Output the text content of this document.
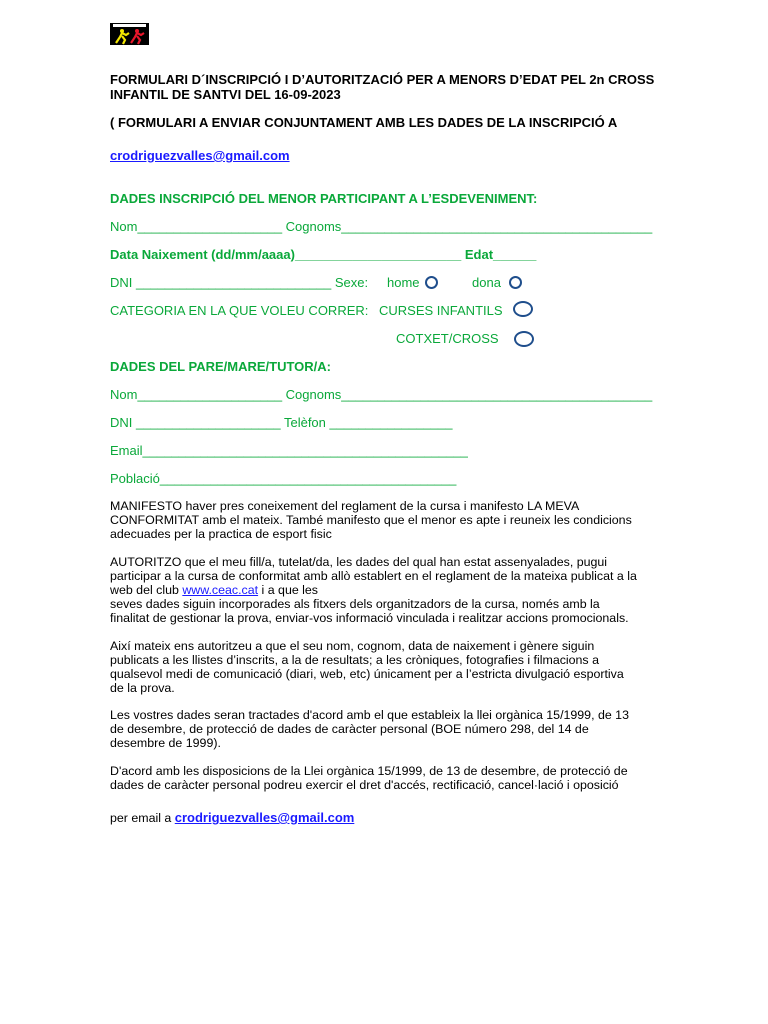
FORMULARI D´INSCRIPCIÓ I D’AUTORITZACIÓ PER A MENORS D’EDAT PEL 2n CROSS
INFANTIL DE SANTVI DEL 16-09-2023
( FORMULARI A ENVIAR CONJUNTAMENT AMB LES DADES DE LA INSCRIPCIÓ A
crodriguezvalles@gmail.com
DADES INSCRIPCIÓ DEL MENOR PARTICIPANT A L’ESDEVENIMENT:
Nom____________________ Cognoms___________________________________________
Data Naixement (dd/mm/aaaa)_______________________ Edat______
DNI ___________________________ Sexe: home	dona
CATEGORIA EN LA QUE VOLEU CORRER: CURSES INFANTILS
COTXET/CROSS
DADES DEL PARE/MARE/TUTOR/A:
Nom____________________ Cognoms___________________________________________
DNI ____________________ Telèfon _________________
Email_____________________________________________
Població_________________________________________
MANIFESTO haver pres coneixement del reglament de la cursa i manifesto LA MEVA
CONFORMITAT amb el mateix. També manifesto que el menor es apte i reuneix les condicions
adecuades per la practica de esport fisic
AUTORITZO que el meu fill/a, tutelat/da, les dades del qual han estat assenyalades, pugui
participar a la cursa de conformitat amb allò establert en el reglament de la mateixa publicat a la
web del club www.ceac.cat i a que les
seves dades siguin incorporades als fitxers dels organitzadors de la cursa, només amb la
finalitat de gestionar la prova, enviar-vos informació vinculada i realitzar accions promocionals.
Així mateix ens autoritzeu a que el seu nom, cognom, data de naixement i gènere siguin
publicats a les llistes d’inscrits, a la de resultats; a les cròniques, fotografies i filmacions a
qualsevol medi de comunicació (diari, web, etc) únicament per a l’estricta divulgació esportiva
de la prova.
Les vostres dades seran tractades d'acord amb el que estableix la llei orgànica 15/1999, de 13
de desembre, de protecció de dades de caràcter personal (BOE número 298, del 14 de
desembre de 1999).
D'acord amb les disposicions de la Llei orgànica 15/1999, de 13 de desembre, de protecció de
dades de caràcter personal podreu exercir el dret d'accés, rectificació, cancel·lació i oposició
per email a crodriguezvalles@gmail.com
